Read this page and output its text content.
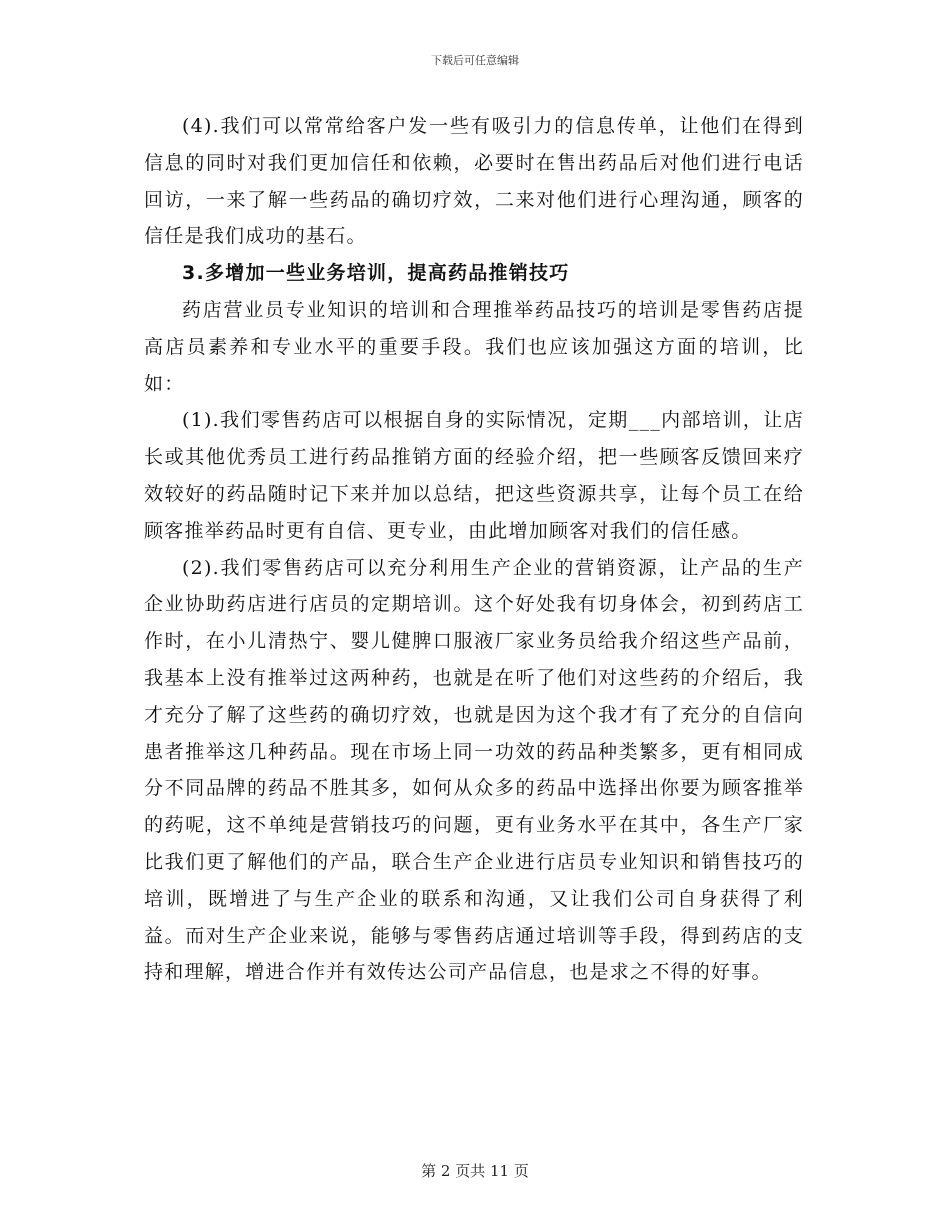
下载后可任意编辑

(4).我们可以常常给客户发一些有吸引力的信息传单，让他们在得到信息的同时对我们更加信任和依赖，必要时在售出药品后对他们进行电话回访，一来了解一些药品的确切疗效，二来对他们进行心理沟通，顾客的信任是我们成功的基石。

3.多增加一些业务培训，提高药品推销技巧

药店营业员专业知识的培训和合理推举药品技巧的培训是零售药店提高店员素养和专业水平的重要手段。我们也应该加强这方面的培训，比如：

(1).我们零售药店可以根据自身的实际情况，定期___内部培训，让店长或其他优秀员工进行药品推销方面的经验介绍，把一些顾客反馈回来疗效较好的药品随时记下来并加以总结，把这些资源共享，让每个员工在给顾客推举药品时更有自信、更专业，由此增加顾客对我们的信任感。

(2).我们零售药店可以充分利用生产企业的营销资源，让产品的生产企业协助药店进行店员的定期培训。这个好处我有切身体会，初到药店工作时，在小儿清热宁、婴儿健脾口服液厂家业务员给我介绍这些产品前，我基本上没有推举过这两种药，也就是在听了他们对这些药的介绍后，我才充分了解了这些药的确切疗效，也就是因为这个我才有了充分的自信向患者推举这几种药品。现在市场上同一功效的药品种类繁多，更有相同成分不同品牌的药品不胜其多，如何从众多的药品中选择出你要为顾客推举的药呢，这不单纯是营销技巧的问题，更有业务水平在其中，各生产厂家比我们更了解他们的产品，联合生产企业进行店员专业知识和销售技巧的培训，既增进了与生产企业的联系和沟通，又让我们公司自身获得了利益。而对生产企业来说，能够与零售药店通过培训等手段，得到药店的支持和理解，增进合作并有效传达公司产品信息，也是求之不得的好事。

第 2 页共 11 页
